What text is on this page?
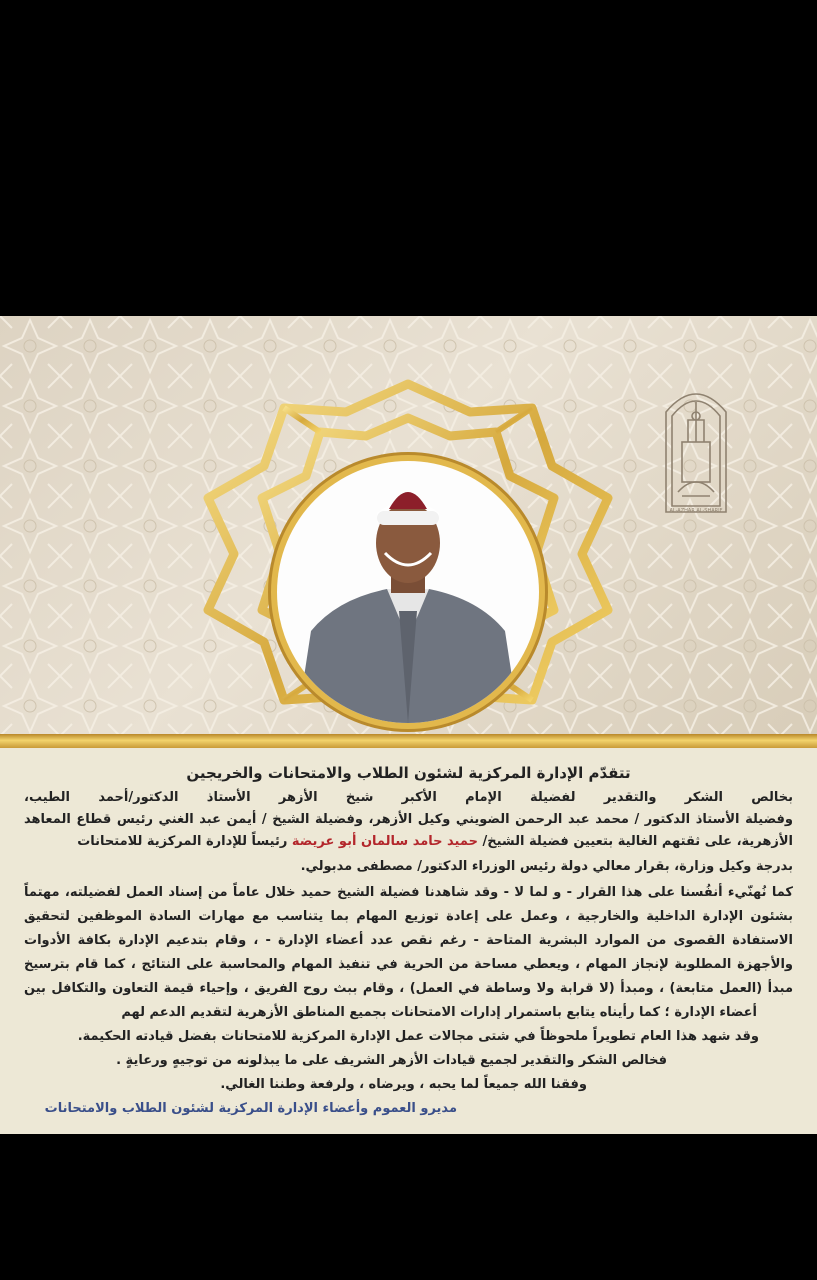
AL-AZHAR AL-SHARIF
تتقدّم الإدارة المركزية لشئون الطلاب والامتحانات والخريجين
بخالص الشكر والتقدير لفضيلة الإمام الأكبر شيخ الأزهر الأستاذ الدكتور/أحمد الطيب،
وفضيلة الأستاذ الدكتور / محمد عبد الرحمن الضويني وكيل الأزهر، وفضيلة الشيخ / أيمن عبد الغني رئيس قطاع المعاهد
الأزهرية، على ثقتهم الغالية بتعيين فضيلة الشيخ/ حميد حامد سالمان أبو عريضة رئيساً للإدارة المركزية للامتحانات
بدرجة وكيل وزارة، بقرار معالي دولة رئيس الوزراء الدكتور/ مصطفى مدبولي.
كما نُهنّيء أنفُسنا على هذا القرار - و لما لا - وقد شاهدنا فضيلة الشيخ حميد خلال عاماً من إسناد العمل لفضيلته، مهتماً
بشئون الإدارة الداخلية والخارجية ، وعمل على إعادة توزيع المهام بما يتناسب مع مهارات السادة الموظفين لتحقيق
الاستفادة القصوى من الموارد البشرية المتاحة - رغم نقص عدد أعضاء الإدارة - ، وقام بتدعيم الإدارة بكافة الأدوات
والأجهزة المطلوبة لإنجاز المهام ، ويعطي مساحة من الحرية في تنفيذ المهام والمحاسبة على النتائج ، كما قام بترسيخ
مبدأ (العمل متابعة) ، ومبدأ (لا قرابة ولا وساطة في العمل) ، وقام ببث روح الفريق ، وإحياء قيمة التعاون والتكافل بين
أعضاء الإدارة ؛ كما رأيناه يتابع باستمرار إدارات الامتحانات بجميع المناطق الأزهرية لتقديم الدعم لهم
وقد شهد هذا العام تطويراً ملحوظاً في شتى مجالات عمل الإدارة المركزية للامتحانات بفضل قيادته الحكيمة.
فخالص الشكر والتقدير لجميع قيادات الأزهر الشريف على ما يبذلونه من توجيهٍ ورعايةٍ .
وفقنا الله جميعاً لما يحبه ، ويرضاه ، ولرفعة وطننا الغالي.
مديرو العموم وأعضاء الإدارة المركزية لشئون الطلاب والامتحانات
